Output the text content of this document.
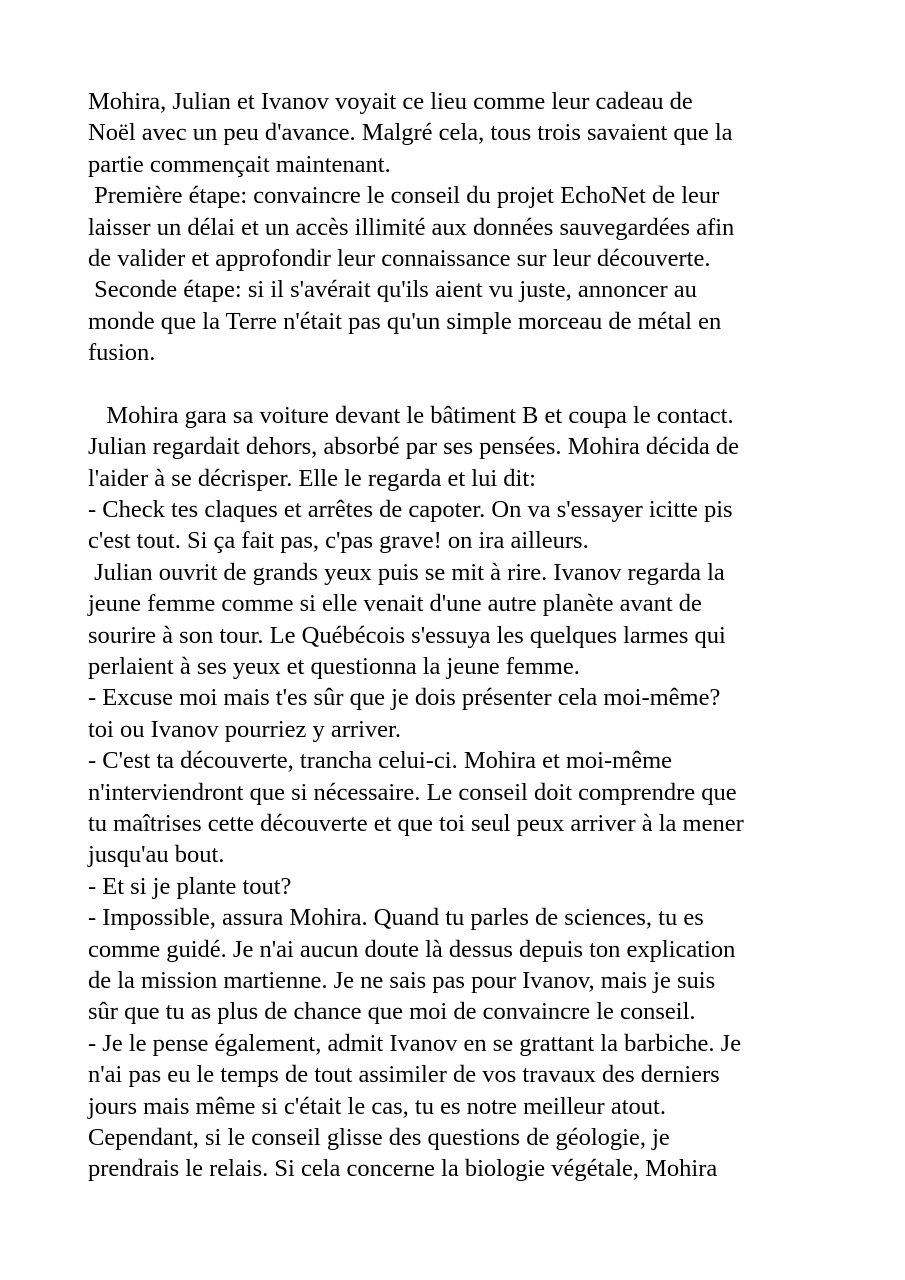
Mohira, Julian et Ivanov voyait ce lieu comme leur cadeau de
Noël avec un peu d'avance. Malgré cela, tous trois savaient que la
partie commençait maintenant.
Première étape: convaincre le conseil du projet EchoNet de leur
laisser un délai et un accès illimité aux données sauvegardées afin
de valider et approfondir leur connaissance sur leur découverte.
Seconde étape: si il s'avérait qu'ils aient vu juste, annoncer au
monde que la Terre n'était pas qu'un simple morceau de métal en
fusion.

Mohira gara sa voiture devant le bâtiment B et coupa le contact.
Julian regardait dehors, absorbé par ses pensées. Mohira décida de
l'aider à se décrisper. Elle le regarda et lui dit:
- Check tes claques et arrêtes de capoter. On va s'essayer icitte pis
c'est tout. Si ça fait pas, c'pas grave! on ira ailleurs.
Julian ouvrit de grands yeux puis se mit à rire. Ivanov regarda la
jeune femme comme si elle venait d'une autre planète avant de
sourire à son tour. Le Québécois s'essuya les quelques larmes qui
perlaient à ses yeux et questionna la jeune femme.
- Excuse moi mais t'es sûr que je dois présenter cela moi-même?
toi ou Ivanov pourriez y arriver.
- C'est ta découverte, trancha celui-ci. Mohira et moi-même
n'interviendront que si nécessaire. Le conseil doit comprendre que
tu maîtrises cette découverte et que toi seul peux arriver à la mener
jusqu'au bout.
- Et si je plante tout?
- Impossible, assura Mohira. Quand tu parles de sciences, tu es
comme guidé. Je n'ai aucun doute là dessus depuis ton explication
de la mission martienne. Je ne sais pas pour Ivanov, mais je suis
sûr que tu as plus de chance que moi de convaincre le conseil.
- Je le pense également, admit Ivanov en se grattant la barbiche. Je
n'ai pas eu le temps de tout assimiler de vos travaux des derniers
jours mais même si c'était le cas, tu es notre meilleur atout.
Cependant, si le conseil glisse des questions de géologie, je
prendrais le relais. Si cela concerne la biologie végétale, Mohira
